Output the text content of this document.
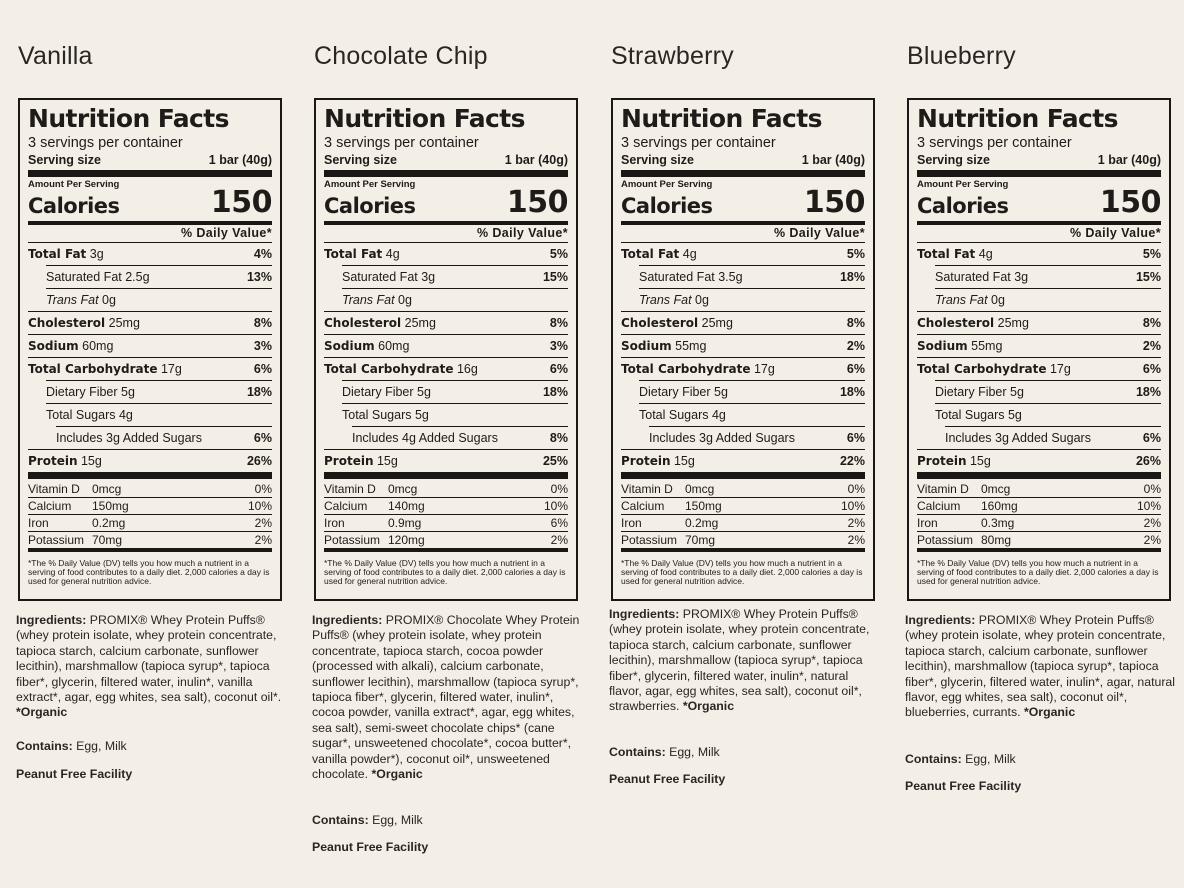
Vanilla
Nutrition Facts
3 servings per container
Serving size	1 bar (40g)
Amount Per Serving
Calories	150
% Daily Value*
Total Fat 3g	4%
Saturated Fat 2.5g	13%
Trans Fat 0g
Cholesterol 25mg	8%
Sodium 60mg	3%
Total Carbohydrate 17g	6%
Dietary Fiber 5g	18%
Total Sugars 4g
Includes 3g Added Sugars	6%
Protein 15g	26%
Vitamin D	0mcg	0%
Calcium	150mg	10%
Iron	0.2mg	2%
Potassium 70mg	2%
*The % Daily Value (DV) tells you how much a nutrient in a serving of food contributes to a daily diet. 2,000 calories a day is used for general nutrition advice.
Ingredients: PROMIX® Whey Protein Puffs® (whey protein isolate, whey protein concentrate, tapioca starch, calcium carbonate, sunflower lecithin), marshmallow (tapioca syrup*, tapioca fiber*, glycerin, filtered water, inulin*, vanilla extract*, agar, egg whites, sea salt), coconut oil*. *Organic
Contains: Egg, Milk
Peanut Free Facility
Chocolate Chip
Nutrition Facts
3 servings per container
Serving size	1 bar (40g)
Amount Per Serving
Calories	150
% Daily Value*
Total Fat 4g	5%
Saturated Fat 3g	15%
Trans Fat 0g
Cholesterol 25mg	8%
Sodium 60mg	3%
Total Carbohydrate 16g	6%
Dietary Fiber 5g	18%
Total Sugars 5g
Includes 4g Added Sugars	8%
Protein 15g	25%
Vitamin D	0mcg	0%
Calcium	140mg	10%
Iron	0.9mg	6%
Potassium 120mg	2%
*The % Daily Value (DV) tells you how much a nutrient in a serving of food contributes to a daily diet. 2,000 calories a day is used for general nutrition advice.
Ingredients: PROMIX® Chocolate Whey Protein Puffs® (whey protein isolate, whey protein concentrate, tapioca starch, cocoa powder (processed with alkali), calcium carbonate, sunflower lecithin), marshmallow (tapioca syrup*, tapioca fiber*, glycerin, filtered water, inulin*, cocoa powder, vanilla extract*, agar, egg whites, sea salt), semi-sweet chocolate chips* (cane sugar*, unsweetened chocolate*, cocoa butter*, vanilla powder*), coconut oil*, unsweetened chocolate. *Organic
Contains: Egg, Milk
Peanut Free Facility
Strawberry
Nutrition Facts
3 servings per container
Serving size	1 bar (40g)
Amount Per Serving
Calories	150
% Daily Value*
Total Fat 4g	5%
Saturated Fat 3.5g	18%
Trans Fat 0g
Cholesterol 25mg	8%
Sodium 55mg	2%
Total Carbohydrate 17g	6%
Dietary Fiber 5g	18%
Total Sugars 4g
Includes 3g Added Sugars	6%
Protein 15g	22%
Vitamin D	0mcg	0%
Calcium	150mg	10%
Iron	0.2mg	2%
Potassium 70mg	2%
*The % Daily Value (DV) tells you how much a nutrient in a serving of food contributes to a daily diet. 2,000 calories a day is used for general nutrition advice.
Ingredients: PROMIX® Whey Protein Puffs® (whey protein isolate, whey protein concentrate, tapioca starch, calcium carbonate, sunflower lecithin), marshmallow (tapioca syrup*, tapioca fiber*, glycerin, filtered water, inulin*, natural flavor, agar, egg whites, sea salt), coconut oil*, strawberries. *Organic
Contains: Egg, Milk
Peanut Free Facility
Blueberry
Nutrition Facts
3 servings per container
Serving size	1 bar (40g)
Amount Per Serving
Calories	150
% Daily Value*
Total Fat 4g	5%
Saturated Fat 3g	15%
Trans Fat 0g
Cholesterol 25mg	8%
Sodium 55mg	2%
Total Carbohydrate 17g	6%
Dietary Fiber 5g	18%
Total Sugars 5g
Includes 3g Added Sugars	6%
Protein 15g	26%
Vitamin D	0mcg	0%
Calcium	160mg	10%
Iron	0.3mg	2%
Potassium 80mg	2%
*The % Daily Value (DV) tells you how much a nutrient in a serving of food contributes to a daily diet. 2,000 calories a day is used for general nutrition advice.
Ingredients: PROMIX® Whey Protein Puffs® (whey protein isolate, whey protein concentrate, tapioca starch, calcium carbonate, sunflower lecithin), marshmallow (tapioca syrup*, tapioca fiber*, glycerin, filtered water, inulin*, agar, natural flavor, egg whites, sea salt), coconut oil*, blueberries, currants. *Organic
Contains: Egg, Milk
Peanut Free Facility
